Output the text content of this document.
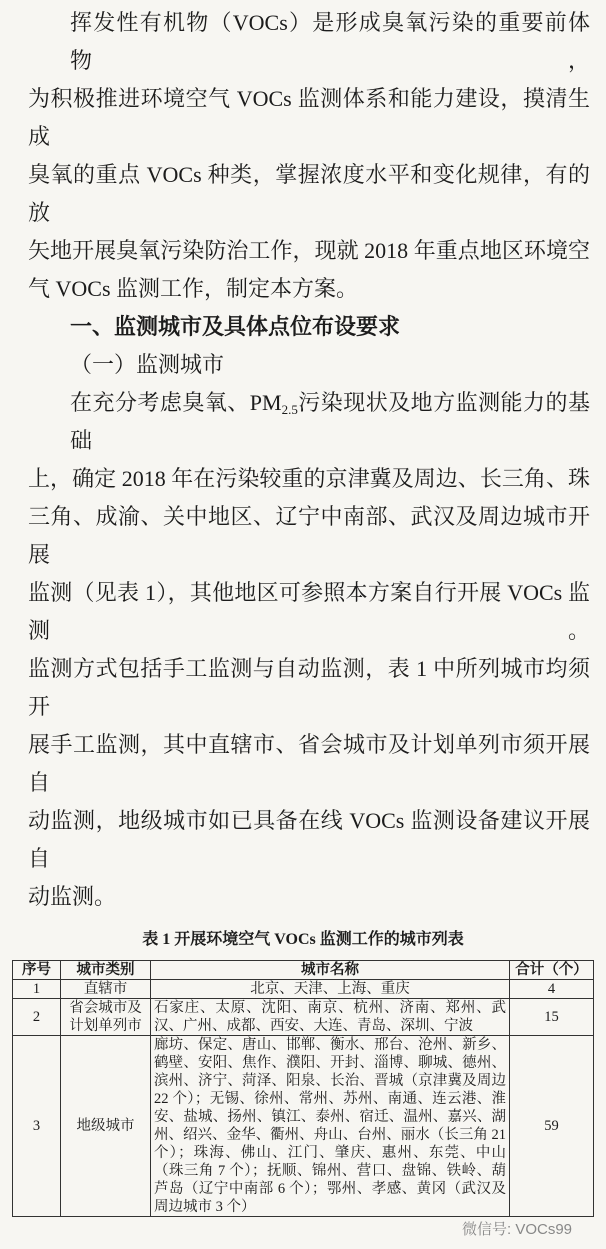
挥发性有机物（VOCs）是形成臭氧污染的重要前体物，
为积极推进环境空气 VOCs 监测体系和能力建设，摸清生成
臭氧的重点 VOCs 种类，掌握浓度水平和变化规律，有的放
矢地开展臭氧污染防治工作，现就 2018 年重点地区环境空
气 VOCs 监测工作，制定本方案。
一、监测城市及具体点位布设要求
（一）监测城市
在充分考虑臭氧、$PM_{2.5}$污染现状及地方监测能力的基础
上，确定 2018 年在污染较重的京津冀及周边、长三角、珠
三角、成渝、关中地区、辽宁中南部、武汉及周边城市开展
监测（见表 1），其他地区可参照本方案自行开展 VOCs 监测。
监测方式包括手工监测与自动监测，表 1 中所列城市均须开
展手工监测，其中直辖市、省会城市及计划单列市须开展自
动监测，地级城市如已具备在线 VOCs 监测设备建议开展自
动监测。
表 1 开展环境空气 VOCs 监测工作的城市列表
序号	城市类别	城市名称	合计（个）
1	直辖市	北京、天津、上海、重庆	4
2	省会城市及计划单列市	石家庄、太原、沈阳、南京、杭州、济南、郑州、武汉、广州、成都、西安、大连、青岛、深圳、宁波	15
3	地级城市	廊坊、保定、唐山、邯郸、衡水、邢台、沧州、新乡、鹤壁、安阳、焦作、濮阳、开封、淄博、聊城、德州、滨州、济宁、菏泽、阳泉、长治、晋城（京津冀及周边 22 个）；无锡、徐州、常州、苏州、南通、连云港、淮安、盐城、扬州、镇江、泰州、宿迁、温州、嘉兴、湖州、绍兴、金华、衢州、舟山、台州、丽水（长三角 21 个）；珠海、佛山、江门、肇庆、惠州、东莞、中山（珠三角 7 个）；抚顺、锦州、营口、盘锦、铁岭、葫芦岛（辽宁中南部 6 个）；鄂州、孝感、黄冈（武汉及周边城市 3 个）	59
微信号: VOCs99
